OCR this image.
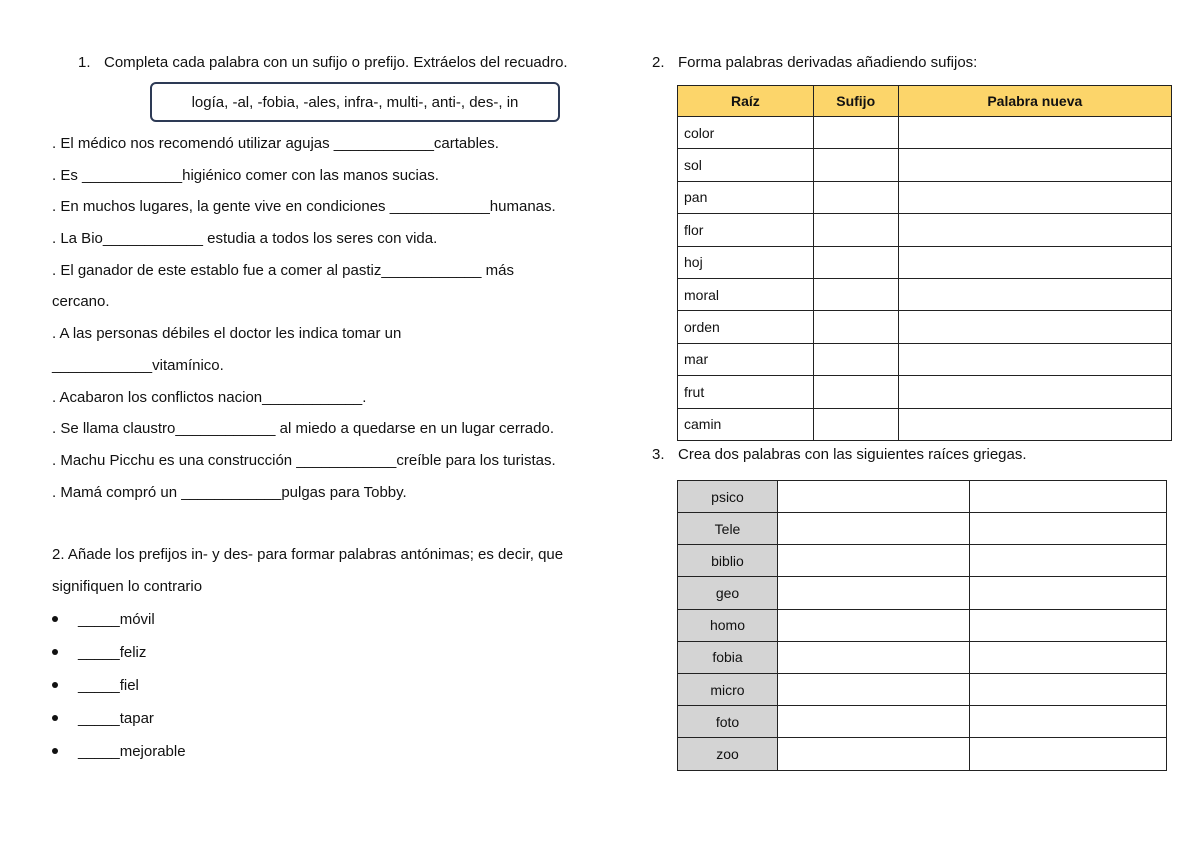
1. Completa cada palabra con un sufijo o prefijo. Extráelos del recuadro.
logía, -al, -fobia, -ales, infra-, multi-, anti-, des-, in
. El médico nos recomendó utilizar agujas ____________cartables.
. Es ____________higiénico comer con las manos sucias.
. En muchos lugares, la gente vive en condiciones ____________humanas.
. La Bio____________ estudia a todos los seres con vida.
. El ganador de este establo fue a comer al pastiz____________ más
cercano.
. A las personas débiles el doctor les indica tomar un
____________vitamínico.
. Acabaron los conflictos nacion____________.
. Se llama claustro____________ al miedo a quedarse en un lugar cerrado.
. Machu Picchu es una construcción ____________creíble para los turistas.
. Mamá compró un ____________pulgas para Tobby.
2. Añade los prefijos in- y des- para formar palabras antónimas; es decir, que
signifiquen lo contrario
_____móvil
_____feliz
_____fiel
_____tapar
_____mejorable
2. Forma palabras derivadas añadiendo sufijos:
Raíz	Sufijo	Palabra nueva
color		
sol		
pan		
flor		
hoj		
moral		
orden		
mar		
frut		
camin		
3. Crea dos palabras con las siguientes raíces griegas.
psico		
Tele		
biblio		
geo		
homo		
fobia		
micro		
foto		
zoo		
